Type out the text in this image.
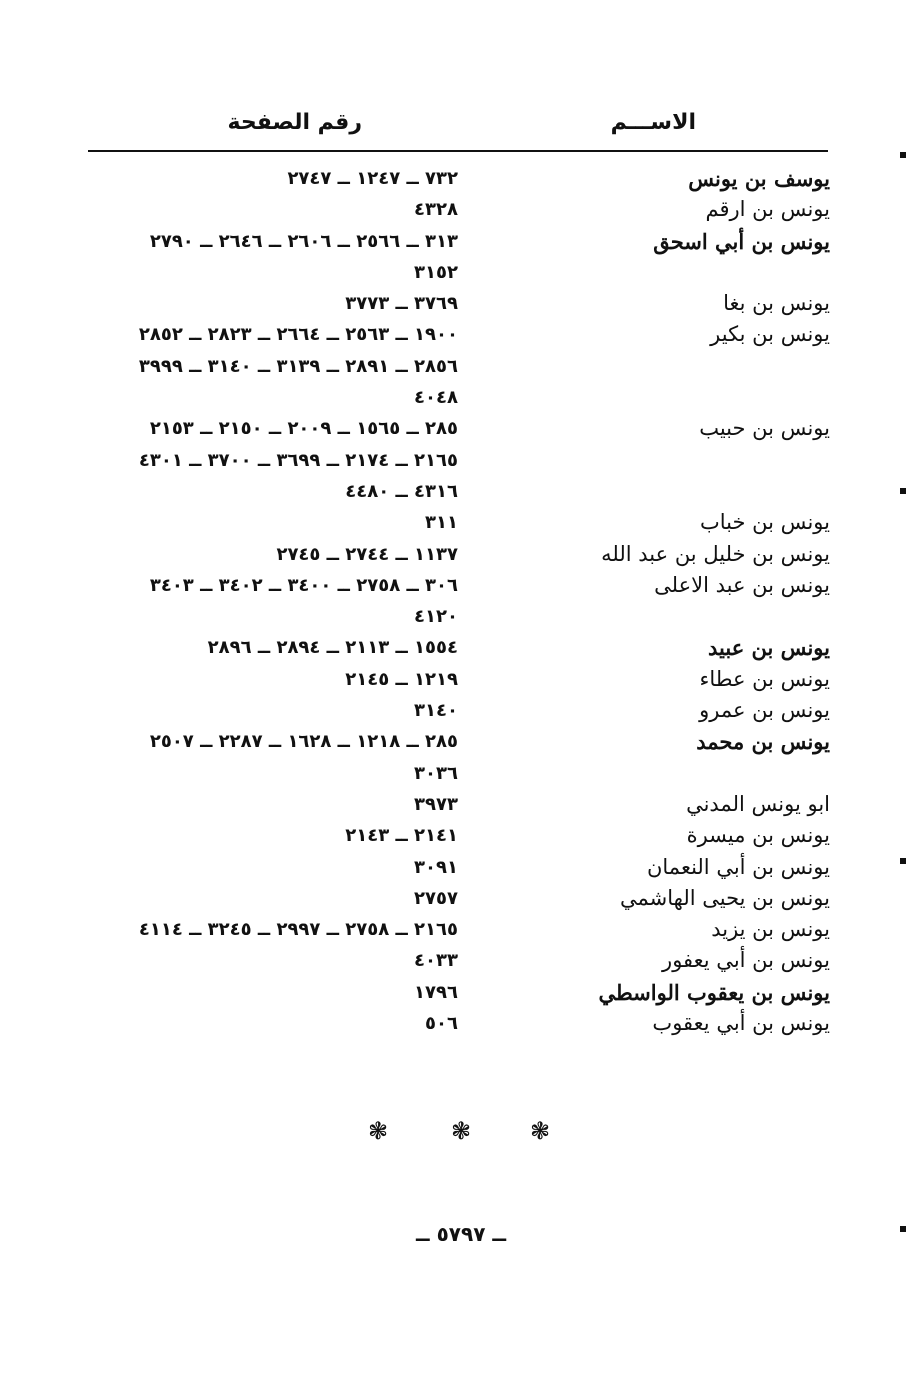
الاســـم
رقم الصفحة
يوسف بن يونس
٧٣٢ ــ ١٢٤٧ ــ ٢٧٤٧
يونس بن ارقم
٤٣٢٨
يونس بن أبي اسحق
٣١٣ ــ ٢٥٦٦ ــ ٢٦٠٦ ــ ٢٦٤٦ ــ ٢٧٩٠
٣١٥٢
يونس بن بغا
٣٧٦٩ ــ ٣٧٧٣
يونس بن بكير
١٩٠٠ ــ ٢٥٦٣ ــ ٢٦٦٤ ــ ٢٨٢٣ ــ ٢٨٥٢
٢٨٥٦ ــ ٢٨٩١ ــ ٣١٣٩ ــ ٣١٤٠ ــ ٣٩٩٩
٤٠٤٨
يونس بن حبيب
٢٨٥ ــ ١٥٦٥ ــ ٢٠٠٩ ــ ٢١٥٠ ــ ٢١٥٣
٢١٦٥ ــ ٢١٧٤ ــ ٣٦٩٩ ــ ٣٧٠٠ ــ ٤٣٠١
٤٣١٦ ــ ٤٤٨٠
يونس بن خباب
٣١١
يونس بن خليل بن عبد الله
١١٣٧ ــ ٢٧٤٤ ــ ٢٧٤٥
يونس بن عبد الاعلى
٣٠٦ ــ ٢٧٥٨ ــ ٣٤٠٠ ــ ٣٤٠٢ ــ ٣٤٠٣
٤١٢٠
يونس بن عبيد
١٥٥٤ ــ ٢١١٣ ــ ٢٨٩٤ ــ ٢٨٩٦
يونس بن عطاء
١٢١٩ ــ ٢١٤٥
يونس بن عمرو
٣١٤٠
يونس بن محمد
٢٨٥ ــ ١٢١٨ ــ ١٦٢٨ ــ ٢٢٨٧ ــ ٢٥٠٧
٣٠٣٦
ابو يونس المدني
٣٩٧٣
يونس بن ميسرة
٢١٤١ ــ ٢١٤٣
يونس بن أبي النعمان
٣٠٩١
يونس بن يحيى الهاشمي
٢٧٥٧
يونس بن يزيد
٢١٦٥ ــ ٢٧٥٨ ــ ٢٩٩٧ ــ ٣٢٤٥ ــ ٤١١٤
يونس بن أبي يعفور
٤٠٣٣
يونس بن يعقوب الواسطي
١٧٩٦
يونس بن أبي يعقوب
٥٠٦
❃	❃ ❃
ــ ٥٧٩٧ ــ
